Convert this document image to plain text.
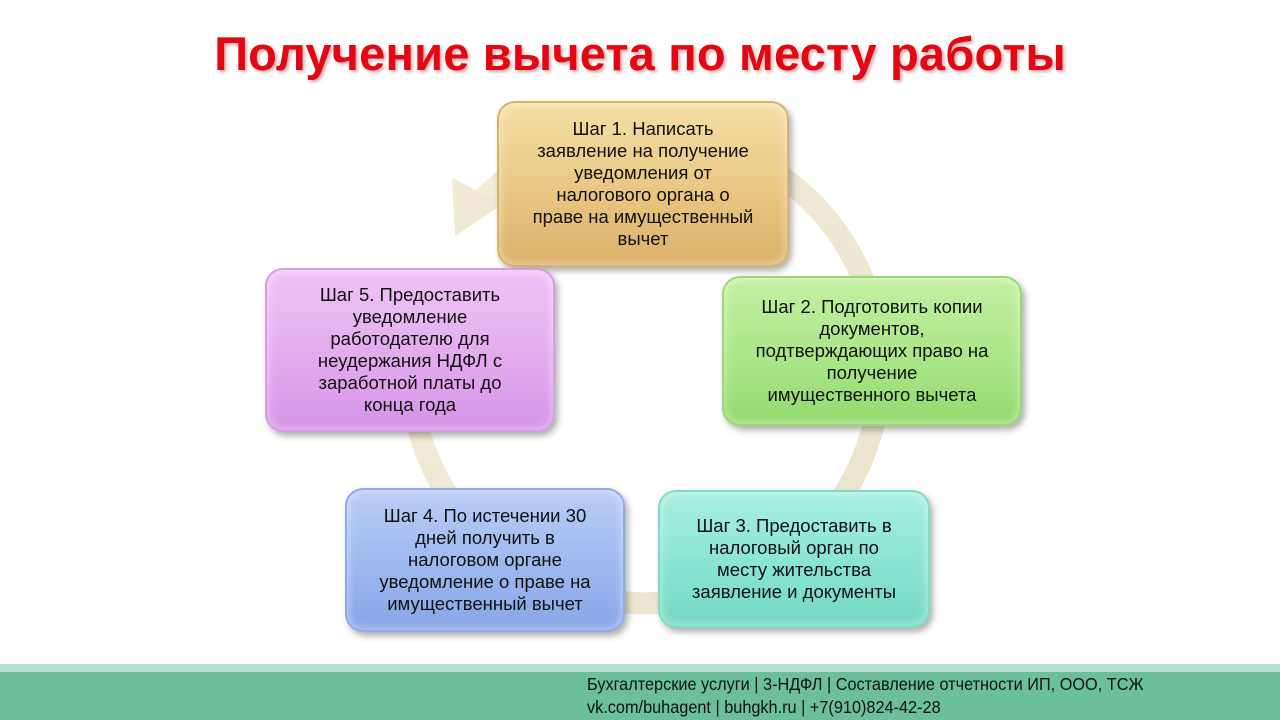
Получение вычета по месту работы
Шаг 1. Написать
заявление на получение
уведомления от
налогового органа о
праве на имущественный
вычет
Шаг 2. Подготовить копии
документов,
подтверждающих право на
получение
имущественного вычета
Шаг 3. Предоставить в
налоговый орган по
месту жительства
заявление и документы
Шаг 4. По истечении 30
дней получить в
налоговом органе
уведомление о праве на
имущественный вычет
Шаг 5. Предоставить
уведомление
работодателю для
неудержания НДФЛ с
заработной платы до
конца года
Бухгалтерские услуги | 3-НДФЛ | Составление отчетности ИП, ООО, ТСЖ
vk.com/buhagent | buhgkh.ru | +7(910)824-42-28
